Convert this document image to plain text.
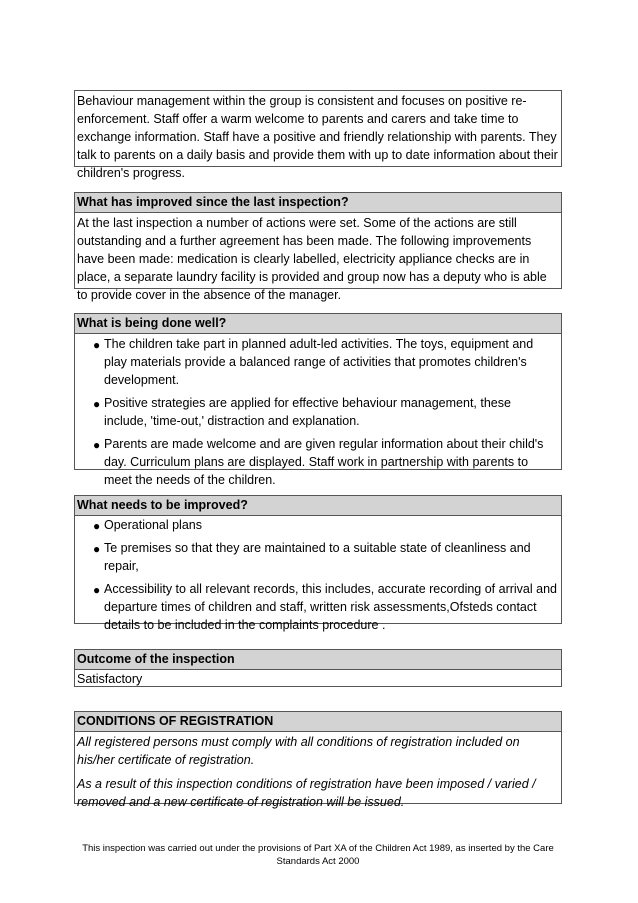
Behaviour management within the group is consistent and focuses on positive re-enforcement. Staff offer a warm welcome to parents and carers and take time to exchange information. Staff have a positive and friendly relationship with parents. They talk to parents on a daily basis and provide them with up to date information about their children's progress.
What has improved since the last inspection?
At the last inspection a number of actions were set. Some of the actions are still outstanding and a further agreement has been made. The following improvements have been made: medication is clearly labelled, electricity appliance checks are in place, a separate laundry facility is provided and group now has a deputy who is able to provide cover in the absence of the manager.
What is being done well?
● The children take part in planned adult-led activities. The toys, equipment and play materials provide a balanced range of activities that promotes children's development.
● Positive strategies are applied for effective behaviour management, these include, 'time-out,' distraction and explanation.
● Parents are made welcome and are given regular information about their child's day. Curriculum plans are displayed. Staff work in partnership with parents to meet the needs of the children.
What needs to be improved?
● Operational plans
● Te premises so that they are maintained to a suitable state of cleanliness and repair,
● Accessibility to all relevant records, this includes, accurate recording of arrival and departure times of children and staff, written risk assessments,Ofsteds contact details to be included in the complaints procedure .
Outcome of the inspection
Satisfactory
CONDITIONS OF REGISTRATION
All registered persons must comply with all conditions of registration included on his/her certificate of registration.
As a result of this inspection conditions of registration have been imposed / varied / removed and a new certificate of registration will be issued.
This inspection was carried out under the provisions of Part XA of the Children Act 1989, as inserted by the Care Standards Act 2000
